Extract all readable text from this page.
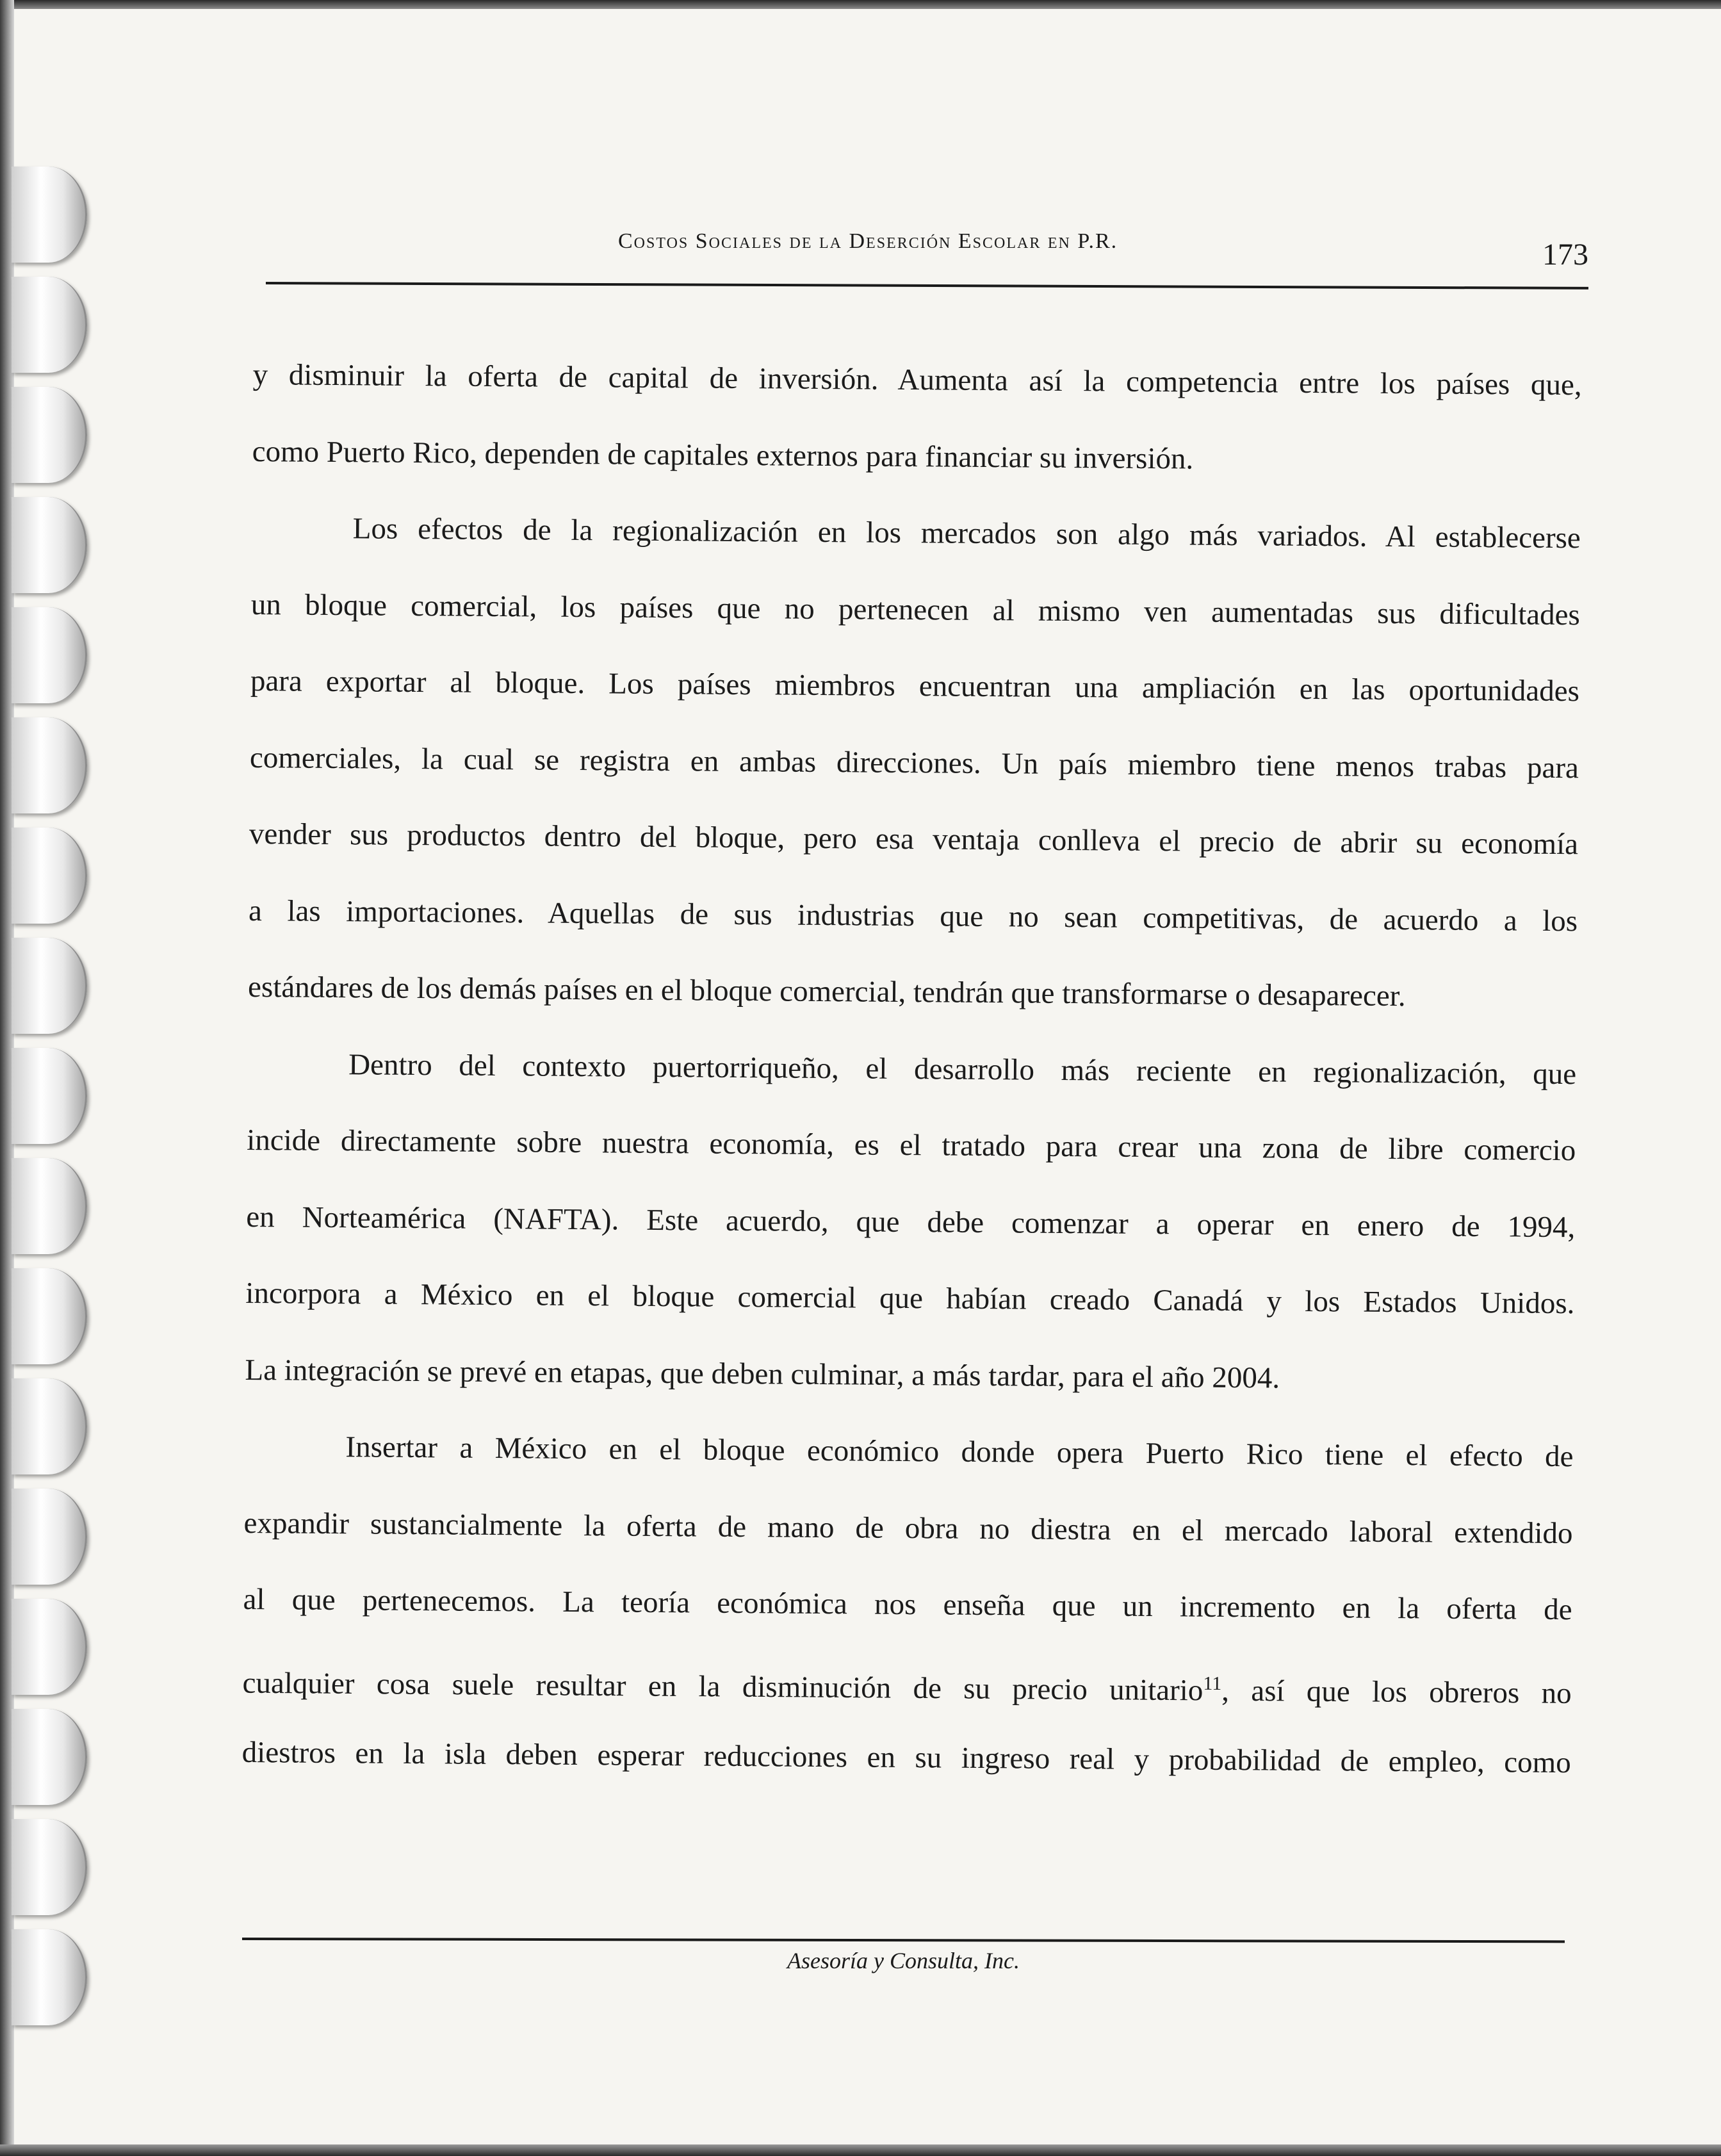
Costos Sociales de la Deserción Escolar en P.R.	173
y disminuir la oferta de capital de inversión. Aumenta así la competencia entre los países que,
como Puerto Rico, dependen de capitales externos para financiar su inversión.
Los efectos de la regionalización en los mercados son algo más variados. Al establecerse
un bloque comercial, los países que no pertenecen al mismo ven aumentadas sus dificultades
para exportar al bloque. Los países miembros encuentran una ampliación en las oportunidades
comerciales, la cual se registra en ambas direcciones. Un país miembro tiene menos trabas para
vender sus productos dentro del bloque, pero esa ventaja conlleva el precio de abrir su economía
a las importaciones. Aquellas de sus industrias que no sean competitivas, de acuerdo a los
estándares de los demás países en el bloque comercial, tendrán que transformarse o desaparecer.
Dentro del contexto puertorriqueño, el desarrollo más reciente en regionalización, que
incide directamente sobre nuestra economía, es el tratado para crear una zona de libre comercio
en Norteamérica (NAFTA). Este acuerdo, que debe comenzar a operar en enero de 1994,
incorpora a México en el bloque comercial que habían creado Canadá y los Estados Unidos.
La integración se prevé en etapas, que deben culminar, a más tardar, para el año 2004.
Insertar a México en el bloque económico donde opera Puerto Rico tiene el efecto de
expandir sustancialmente la oferta de mano de obra no diestra en el mercado laboral extendido
al que pertenecemos. La teoría económica nos enseña que un incremento en la oferta de
cualquier cosa suele resultar en la disminución de su precio unitario$^{11}$, así que los obreros no
diestros en la isla deben esperar reducciones en su ingreso real y probabilidad de empleo, como
Asesoría y Consulta, Inc.
